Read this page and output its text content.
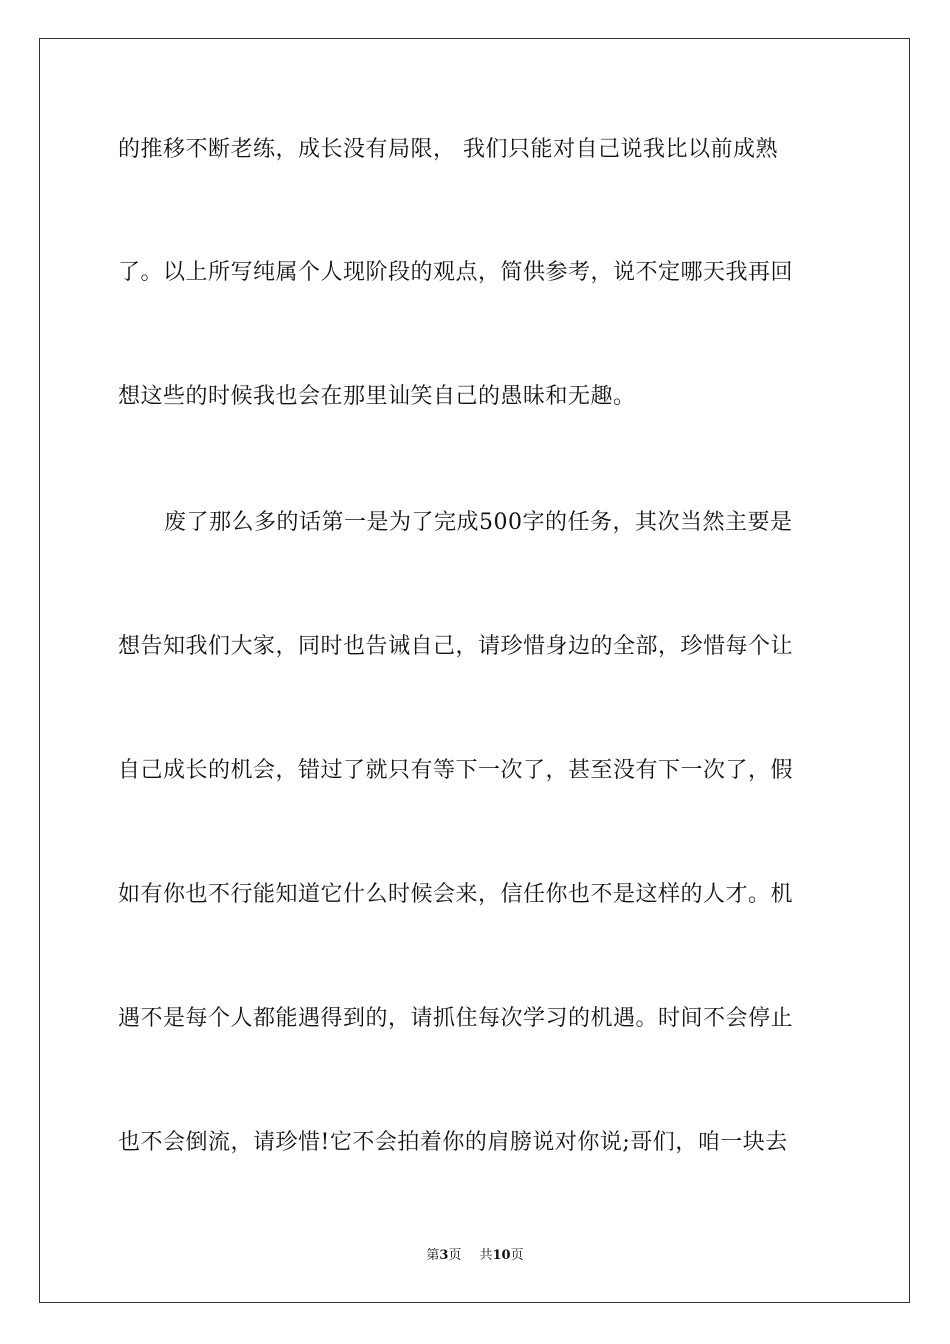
的推移不断老练，成长没有局限， 我们只能对自己说我比以前成熟
了。以上所写纯属个人现阶段的观点，简供参考，说不定哪天我再回
想这些的时候我也会在那里讪笑自己的愚昧和无趣。
废了那么多的话第一是为了完成500字的任务，其次当然主要是
想告知我们大家，同时也告诫自己，请珍惜身边的全部，珍惜每个让
自己成长的机会，错过了就只有等下一次了，甚至没有下一次了，假
如有你也不行能知道它什么时候会来，信任你也不是这样的人才。机
遇不是每个人都能遇得到的，请抓住每次学习的机遇。时间不会停止
也不会倒流，请珍惜!它不会拍着你的肩膀说对你说;哥们，咱一块去
第3页 共10页
